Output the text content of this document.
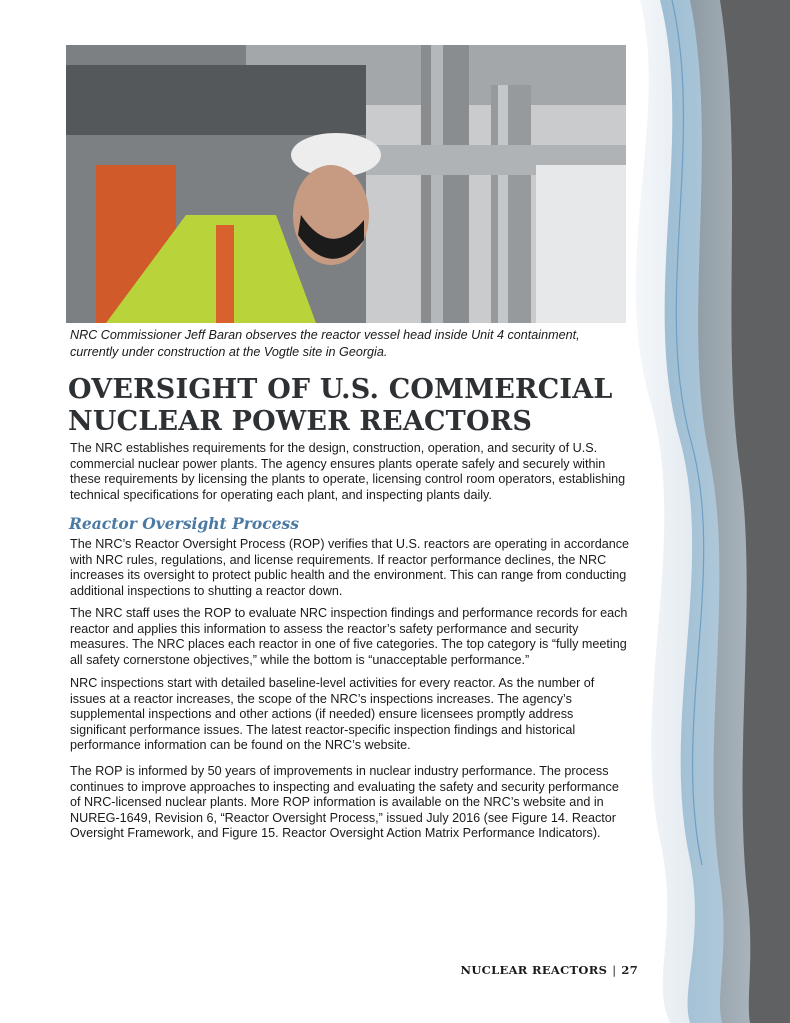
NRC Commissioner Jeff Baran observes the reactor vessel head inside Unit 4 containment, currently under construction at the Vogtle site in Georgia.
OVERSIGHT OF U.S. COMMERCIAL
NUCLEAR POWER REACTORS

The NRC establishes requirements for the design, construction, operation, and security of U.S. commercial nuclear power plants. The agency ensures plants operate safely and securely within these requirements by licensing the plants to operate, licensing control room operators, establishing technical specifications for operating each plant, and inspecting plants daily.

Reactor Oversight Process

The NRC’s Reactor Oversight Process (ROP) verifies that U.S. reactors are operating in accordance with NRC rules, regulations, and license requirements. If reactor performance declines, the NRC increases its oversight to protect public health and the environment. This can range from conducting additional inspections to shutting a reactor down.

The NRC staff uses the ROP to evaluate NRC inspection findings and performance records for each reactor and applies this information to assess the reactor’s safety performance and security measures. The NRC places each reactor in one of five categories. The top category is “fully meeting all safety cornerstone objectives,” while the bottom is “unacceptable performance.”

NRC inspections start with detailed baseline-level activities for every reactor. As the number of issues at a reactor increases, the scope of the NRC’s inspections increases. The agency’s supplemental inspections and other actions (if needed) ensure licensees promptly address significant performance issues. The latest reactor-specific inspection findings and historical performance information can be found on the NRC’s website.

The ROP is informed by 50 years of improvements in nuclear industry performance. The process continues to improve approaches to inspecting and evaluating the safety and security performance of NRC-licensed nuclear plants. More ROP information is available on the NRC’s website and in NUREG-1649, Revision 6, “Reactor Oversight Process,” issued July 2016 (see Figure 14. Reactor Oversight Framework, and Figure 15. Reactor Oversight Action Matrix Performance Indicators).

NUCLEAR REACTORS | 27
